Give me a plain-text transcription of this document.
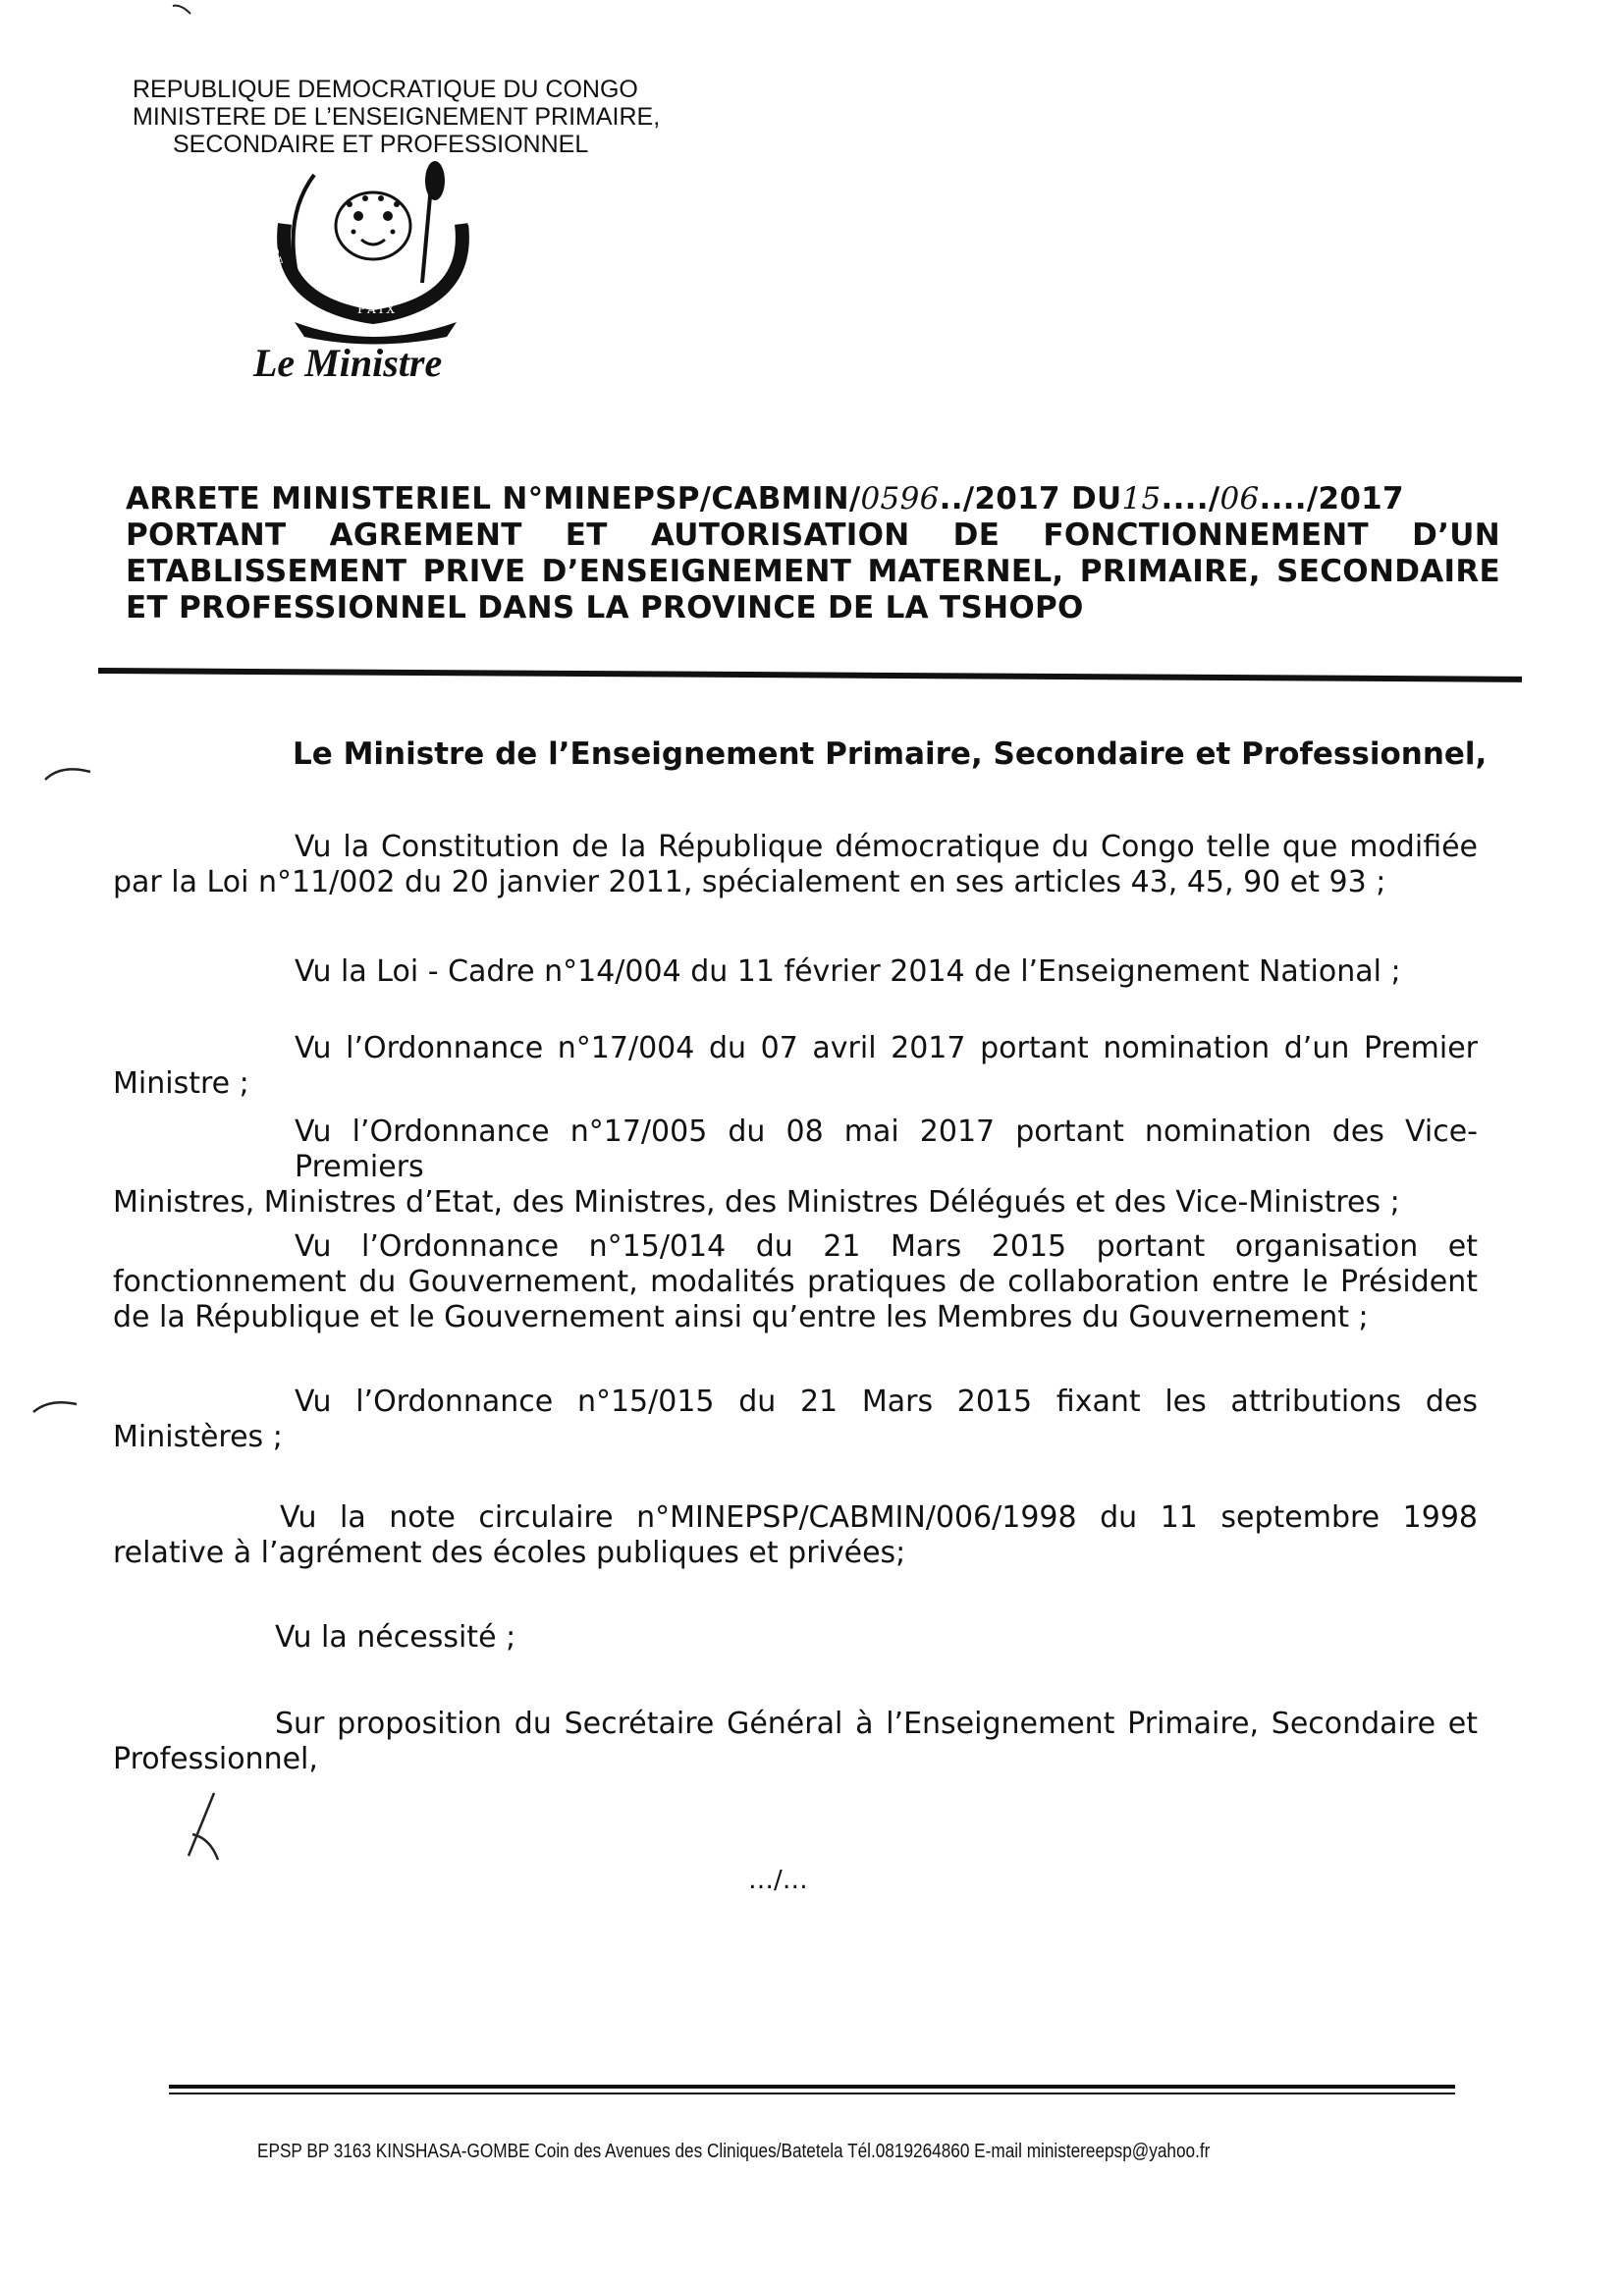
REPUBLIQUE DEMOCRATIQUE DU CONGO
MINISTERE DE L’ENSEIGNEMENT PRIMAIRE,
SECONDAIRE ET PROFESSIONNEL
JUSTICE
PAIX
TRAVAIL
Le Ministre
ARRETE MINISTERIEL N°MINEPSP/CABMIN/0596../2017 DU15..../06..../2017
PORTANT AGREMENT ET AUTORISATION DE FONCTIONNEMENT D’UN
ETABLISSEMENT PRIVE D’ENSEIGNEMENT MATERNEL, PRIMAIRE, SECONDAIRE
ET PROFESSIONNEL DANS LA PROVINCE DE LA TSHOPO
Le Ministre de l’Enseignement Primaire, Secondaire et Professionnel,
Vu la Constitution de la République démocratique du Congo telle que modifiée
par la Loi n°11/002 du 20 janvier 2011, spécialement en ses articles 43, 45, 90 et 93 ;
Vu la Loi - Cadre n°14/004 du 11 février 2014 de l’Enseignement National ;
Vu l’Ordonnance n°17/004 du 07 avril 2017 portant nomination d’un Premier
Ministre ;
Vu l’Ordonnance n°17/005 du 08 mai 2017 portant nomination des Vice-Premiers
Ministres, Ministres d’Etat, des Ministres, des Ministres Délégués et des Vice-Ministres ;
Vu l’Ordonnance n°15/014 du 21 Mars 2015 portant organisation et
fonctionnement du Gouvernement, modalités pratiques de collaboration entre le Président
de la République et le Gouvernement ainsi qu’entre les Membres du Gouvernement ;
Vu l’Ordonnance n°15/015 du 21 Mars 2015 fixant les attributions des
Ministères ;
Vu la note circulaire n°MINEPSP/CABMIN/006/1998 du 11 septembre 1998
relative à l’agrément des écoles publiques et privées;
Vu la nécessité ;
Sur proposition du Secrétaire Général à l’Enseignement Primaire, Secondaire et
Professionnel,
…/…
EPSP BP 3163 KINSHASA-GOMBE Coin des Avenues des Cliniques/Batetela Tél.0819264860 E-mail ministereepsp@yahoo.fr
